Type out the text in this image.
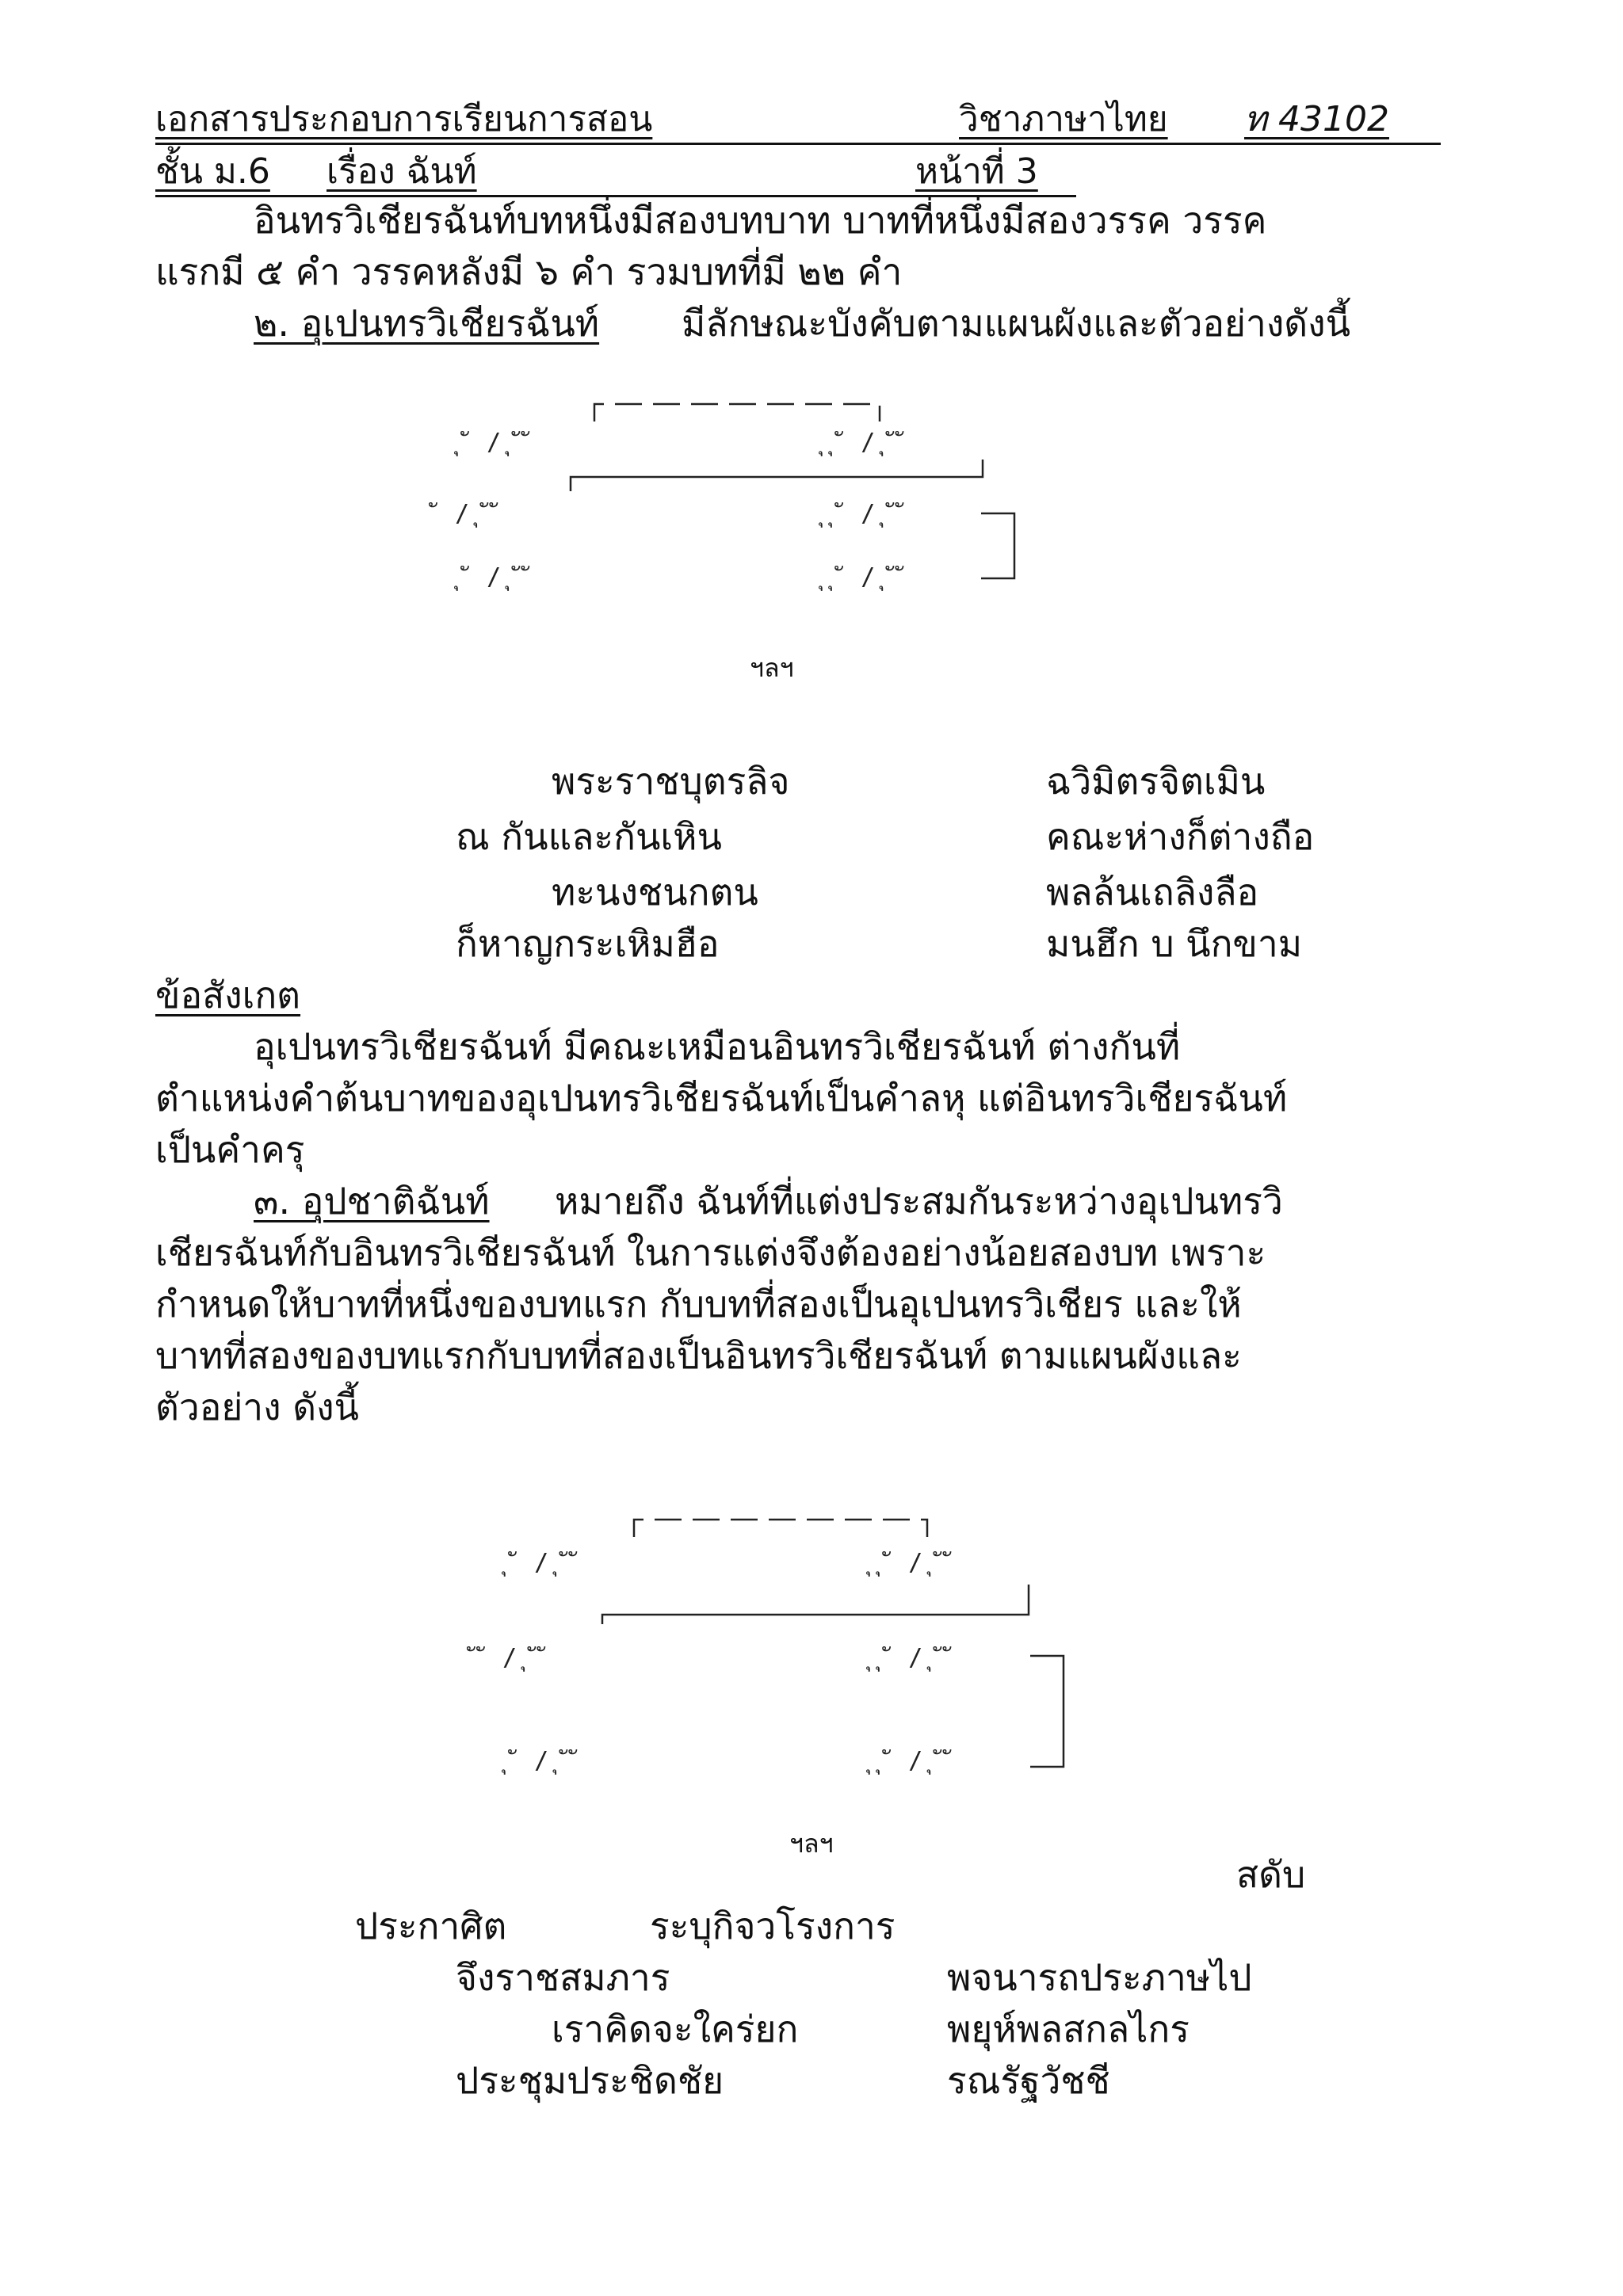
เอกสารประกอบการเรียนการสอน	วิชาภาษาไทย ท 43102
ชั้น ม.6 เรื่อง ฉันท์	หน้าที่ 3
อินทรวิเชียรฉันท์บทหนึ่งมีสองบทบาท บาทที่หนึ่งมีสองวรรค วรรค
แรกมี ๕ คำ วรรคหลังมี ๖ คำ รวมบทที่มี ๒๒ คำ
๒. อุเปนทรวิเชียรฉันท์ มีลักษณะบังคับตามแผนผังและตัวอย่างดังนี้
ุ ั / ุ ั ั	ุ ุ ั / ุ ั ั
ุ ั / ุ ั ั	ุ ุ ั / ุ ั ั
ุ ั / ุ ั ั	ุ ุ ั / ุ ั ั
ฯลฯ
พระราชบุตรลิจ	ฉวิมิตรจิตเมิน
ณ กันและกันเหิน	คณะห่างก็ต่างถือ
ทะนงชนกตน	พลล้นเถลิงลือ
ก็หาญกระเหิมฮือ	มนฮึก บ นึกขาม
ข้อสังเกต
อุเปนทรวิเชียรฉันท์ มีคณะเหมือนอินทรวิเชียรฉันท์ ต่างกันที่
ตำแหน่งคำต้นบาทของอุเปนทรวิเชียรฉันท์เป็นคำลหุ แต่อินทรวิเชียรฉันท์
เป็นคำครุ
๓. อุปชาติฉันท์ หมายถึง ฉันท์ที่แต่งประสมกันระหว่างอุเปนทรวิ
เชียรฉันท์กับอินทรวิเชียรฉันท์ ในการแต่งจึงต้องอย่างน้อยสองบท เพราะ
กำหนดให้บาทที่หนึ่งของบทแรก กับบทที่สองเป็นอุเปนทรวิเชียร และให้
บาทที่สองของบทแรกกับบทที่สองเป็นอินทรวิเชียรฉันท์ ตามแผนผังและ
ตัวอย่าง ดังนี้
ุ ั / ุ ั ั	ุ ุ ั / ุ ั ั
ั ั / ุ ั ั	ุ ุ ั / ุ ั ั
ุ ั / ุ ั ั	ุ ุ ั / ุ ั ั
ฯลฯ
สดับ
ประกาศิต	ระบุกิจวโรงการ
จึงราชสมภาร	พจนารถประภาษไป
เราคิดจะใคร่ยก	พยุห์พลสกลไกร
ประชุมประชิดชัย	รณรัฐวัชชี
